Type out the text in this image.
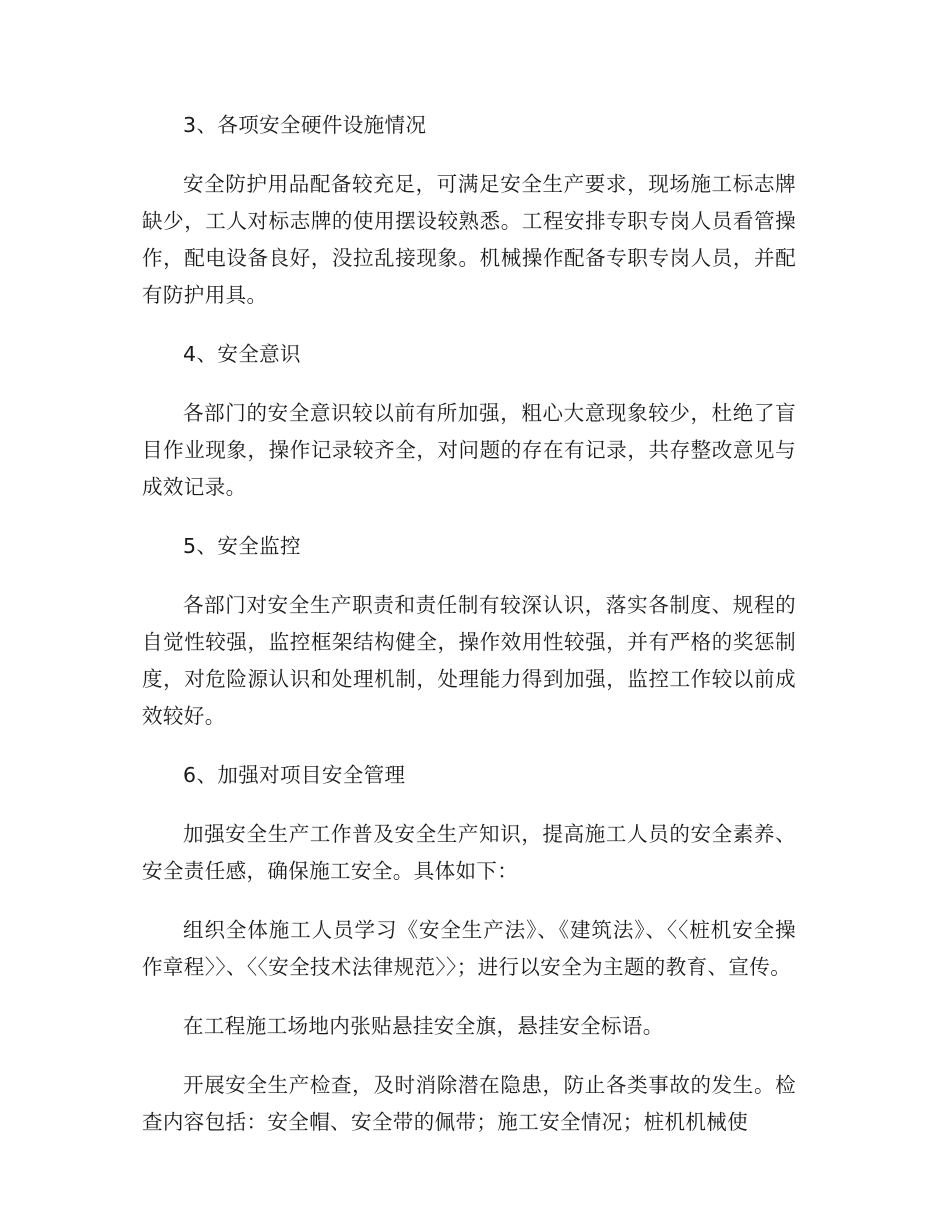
3、各项安全硬件设施情况

安全防护用品配备较充足，可满足安全生产要求，现场施工标志牌缺少，工人对标志牌的使用摆设较熟悉。工程安排专职专岗人员看管操作，配电设备良好，没拉乱接现象。机械操作配备专职专岗人员，并配有防护用具。

4、安全意识

各部门的安全意识较以前有所加强，粗心大意现象较少，杜绝了盲目作业现象，操作记录较齐全，对问题的存在有记录，共存整改意见与成效记录。

5、安全监控

各部门对安全生产职责和责任制有较深认识，落实各制度、规程的自觉性较强，监控框架结构健全，操作效用性较强，并有严格的奖惩制度，对危险源认识和处理机制，处理能力得到加强，监控工作较以前成效较好。

6、加强对项目安全管理

加强安全生产工作普及安全生产知识，提高施工人员的安全素养、安全责任感，确保施工安全。具体如下：

组织全体施工人员学习《安全生产法》、《建筑法》、〈〈桩机安全操作章程〉〉、〈〈安全技术法律规范〉〉；进行以安全为主题的教育、宣传。

在工程施工场地内张贴悬挂安全旗，悬挂安全标语。

开展安全生产检查，及时消除潜在隐患，防止各类事故的发生。检查内容包括：安全帽、安全带的佩带；施工安全情况；桩机机械使
